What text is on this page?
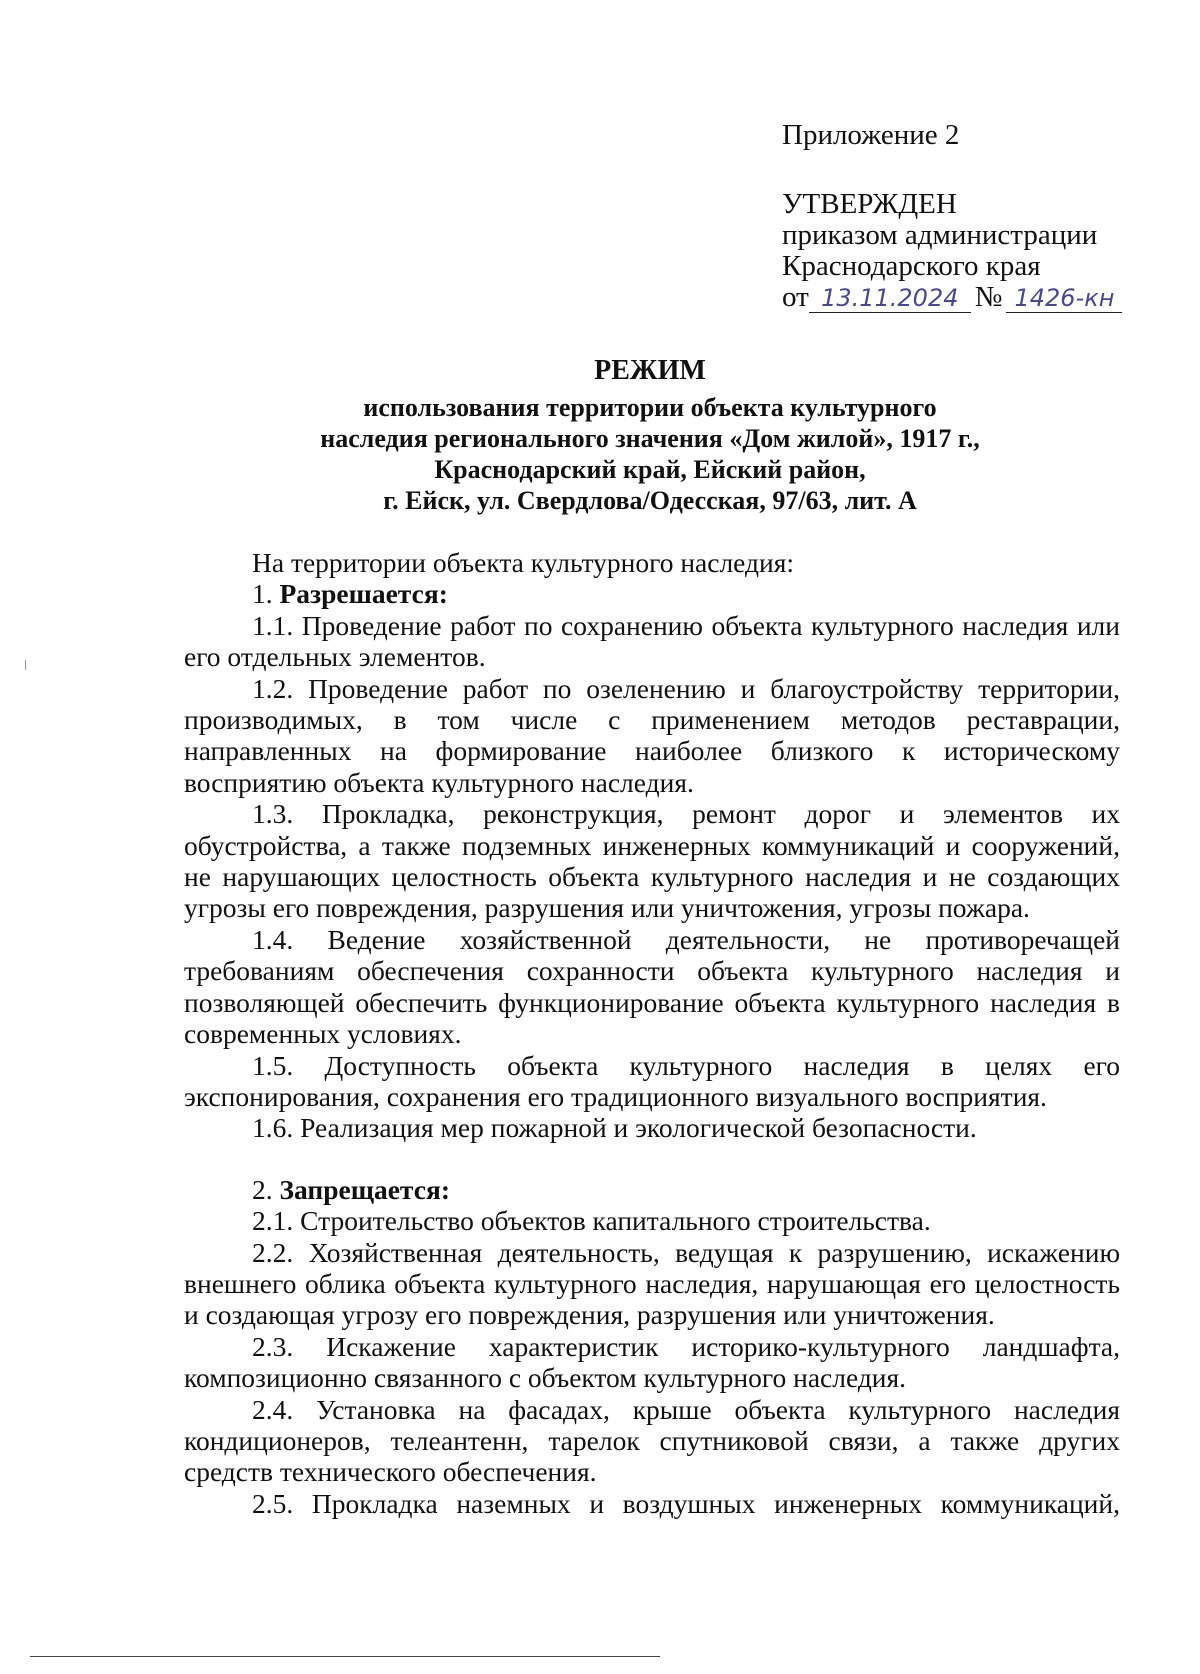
Приложение 2
УТВЕРЖДЕН
приказом администрации
Краснодарского края
от 13.11.2024 № 1426-кн
РЕЖИМ
использования территории объекта культурного
наследия регионального значения «Дом жилой», 1917 г.,
Краснодарский край, Ейский район,
г. Ейск, ул. Свердлова/Одесская, 97/63, лит. А

На территории объекта культурного наследия:

1. Разрешается:

1.1. Проведение работ по сохранению объекта культурного наследия или его отдельных элементов.

1.2. Проведение работ по озеленению и благоустройству территории, производимых, в том числе с применением методов реставрации, направленных на формирование наиболее близкого к историческому восприятию объекта культурного наследия.

1.3. Прокладка, реконструкция, ремонт дорог и элементов их обустройства, а также подземных инженерных коммуникаций и сооружений, не нарушающих целостность объекта культурного наследия и не создающих угрозы его повреждения, разрушения или уничтожения, угрозы пожара.

1.4. Ведение хозяйственной деятельности, не противоречащей требованиям обеспечения сохранности объекта культурного наследия и позволяющей обеспечить функционирование объекта культурного наследия в современных условиях.

1.5. Доступность объекта культурного наследия в целях его экспонирования, сохранения его традиционного визуального восприятия.

1.6. Реализация мер пожарной и экологической безопасности.

2. Запрещается:

2.1. Строительство объектов капитального строительства.

2.2. Хозяйственная деятельность, ведущая к разрушению, искажению внешнего облика объекта культурного наследия, нарушающая его целостность и создающая угрозу его повреждения, разрушения или уничтожения.

2.3. Искажение характеристик историко-культурного ландшафта, композиционно связанного с объектом культурного наследия.

2.4. Установка на фасадах, крыше объекта культурного наследия кондиционеров, телеантенн, тарелок спутниковой связи, а также других средств технического обеспечения.

2.5. Прокладка наземных и воздушных инженерных коммуникаций,
